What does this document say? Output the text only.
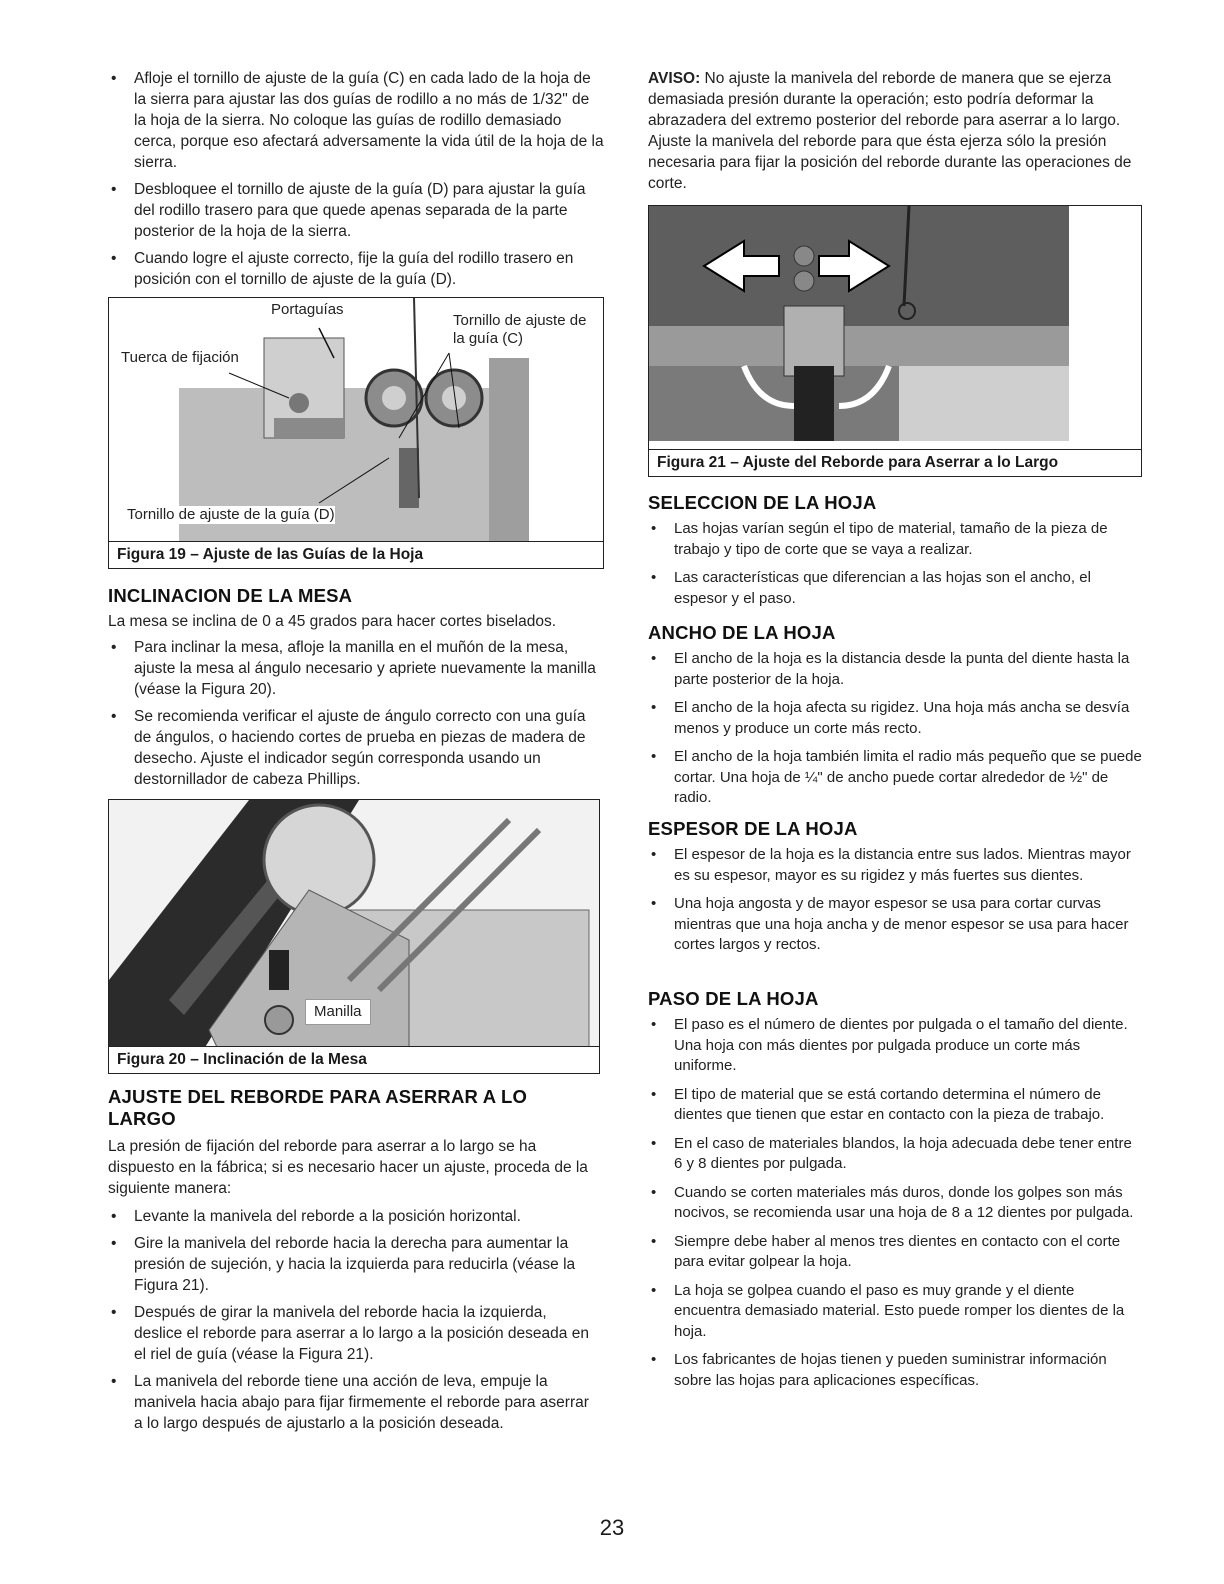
• Afloje el tornillo de ajuste de la guía (C) en cada lado de la hoja de la sierra para ajustar las dos guías de rodillo a no más de 1/32" de la hoja de la sierra. No coloque las guías de rodillo demasiado cerca, porque eso afectará adversamente la vida útil de la hoja de la sierra.
• Desbloquee el tornillo de ajuste de la guía (D) para ajustar la guía del rodillo trasero para que quede apenas separada de la parte posterior de la hoja de la sierra.
• Cuando logre el ajuste correcto, fije la guía del rodillo trasero en posición con el tornillo de ajuste de la guía (D).
Portaguías
Tornillo de ajuste de la guía (C)
Tuerca de fijación
Tornillo de ajuste de la guía (D)
Figura 19 – Ajuste de las Guías de la Hoja
INCLINACION DE LA MESA

La mesa se inclina de 0 a 45 grados para hacer cortes biselados.

• Para inclinar la mesa, afloje la manilla en el muñón de la mesa, ajuste la mesa al ángulo necesario y apriete nuevamente la manilla (véase la Figura 20).
• Se recomienda verificar el ajuste de ángulo correcto con una guía de ángulos, o haciendo cortes de prueba en piezas de madera de desecho. Ajuste el indicador según corresponda usando un destornillador de cabeza Phillips.
Manilla
Figura 20 – Inclinación de la Mesa
AJUSTE DEL REBORDE PARA ASERRAR A LO LARGO

La presión de fijación del reborde para aserrar a lo largo se ha dispuesto en la fábrica; si es necesario hacer un ajuste, proceda de la siguiente manera:

• Levante la manivela del reborde a la posición horizontal.
• Gire la manivela del reborde hacia la derecha para aumentar la presión de sujeción, y hacia la izquierda para reducirla (véase la Figura 21).
• Después de girar la manivela del reborde hacia la izquierda, deslice el reborde para aserrar a lo largo a la posición deseada en el riel de guía (véase la Figura 21).
• La manivela del reborde tiene una acción de leva, empuje la manivela hacia abajo para fijar firmemente el reborde para aserrar a lo largo después de ajustarlo a la posición deseada.

AVISO: No ajuste la manivela del reborde de manera que se ejerza demasiada presión durante la operación; esto podría deformar la abrazadera del extremo posterior del reborde para aserrar a lo largo. Ajuste la manivela del reborde para que ésta ejerza sólo la presión necesaria para fijar la posición del reborde durante las operaciones de corte.

Figura 21 – Ajuste del Reborde para Aserrar a lo Largo
SELECCION DE LA HOJA
• Las hojas varían según el tipo de material, tamaño de la pieza de trabajo y tipo de corte que se vaya a realizar.
• Las características que diferencian a las hojas son el ancho, el espesor y el paso.
ANCHO DE LA HOJA
• El ancho de la hoja es la distancia desde la punta del diente hasta la parte posterior de la hoja.
• El ancho de la hoja afecta su rigidez. Una hoja más ancha se desvía menos y produce un corte más recto.
• El ancho de la hoja también limita el radio más pequeño que se puede cortar. Una hoja de ¼" de ancho puede cortar alrededor de ½" de radio.
ESPESOR DE LA HOJA
• El espesor de la hoja es la distancia entre sus lados. Mientras mayor es su espesor, mayor es su rigidez y más fuertes sus dientes.
• Una hoja angosta y de mayor espesor se usa para cortar curvas mientras que una hoja ancha y de menor espesor se usa para hacer cortes largos y rectos.
PASO DE LA HOJA
• El paso es el número de dientes por pulgada o el tamaño del diente. Una hoja con más dientes por pulgada produce un corte más uniforme.
• El tipo de material que se está cortando determina el número de dientes que tienen que estar en contacto con la pieza de trabajo.
• En el caso de materiales blandos, la hoja adecuada debe tener entre 6 y 8 dientes por pulgada.
• Cuando se corten materiales más duros, donde los golpes son más nocivos, se recomienda usar una hoja de 8 a 12 dientes por pulgada.
• Siempre debe haber al menos tres dientes en contacto con el corte para evitar golpear la hoja.
• La hoja se golpea cuando el paso es muy grande y el diente encuentra demasiado material. Esto puede romper los dientes de la hoja.
• Los fabricantes de hojas tienen y pueden suministrar información sobre las hojas para aplicaciones específicas.
23
